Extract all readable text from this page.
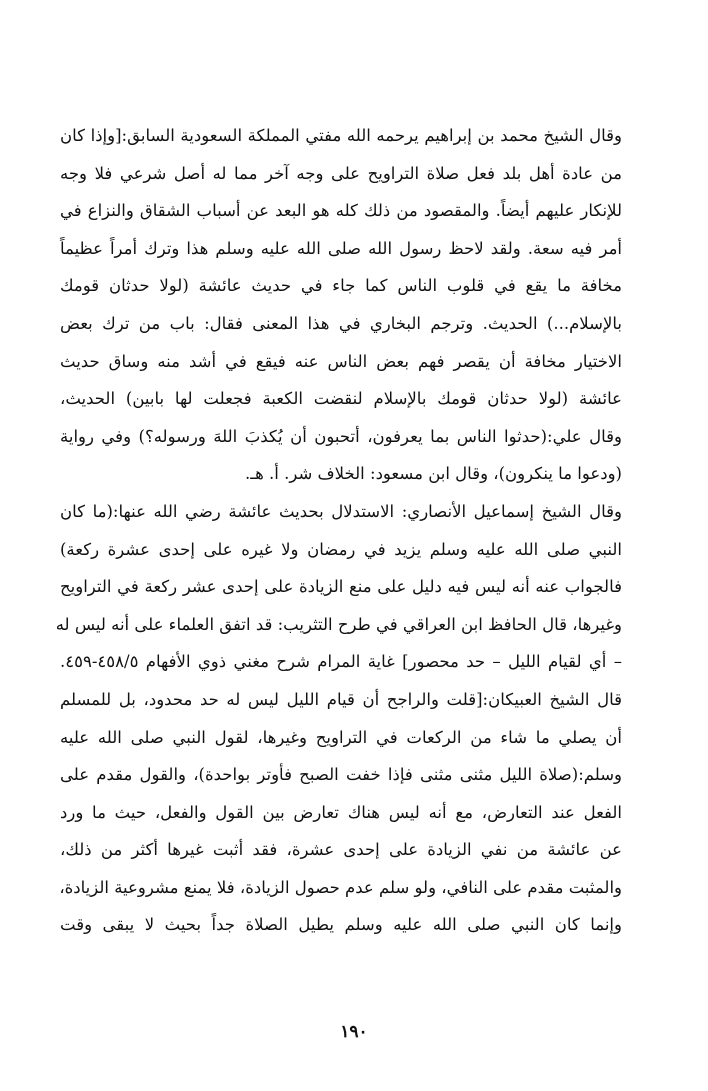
وقال الشيخ محمد بن إبراهيم يرحمه الله مفتي المملكة السعودية السابق:[وإذا كان
من عادة أهل بلد فعل صلاة التراويح على وجه آخر مما له أصل شرعي فلا وجه
للإنكار عليهم أيضاً. والمقصود من ذلك كله هو البعد عن أسباب الشقاق والنزاع في
أمر فيه سعة. ولقد لاحظ رسول الله صلى الله عليه وسلم هذا وترك أمراً عظيماً
مخافة ما يقع في قلوب الناس كما جاء في حديث عائشة (لولا حدثان قومك
بالإسلام...) الحديث. وترجم البخاري في هذا المعنى فقال: باب من ترك بعض
الاختيار مخافة أن يقصر فهم بعض الناس عنه فيقع في أشد منه وساق حديث
عائشة (لولا حدثان قومك بالإسلام لنقضت الكعبة فجعلت لها بابين) الحديث،
وقال علي:(حدثوا الناس بما يعرفون، أتحبون أن يُكذبَ اللهَ ورسوله؟) وفي رواية
(ودعوا ما ينكرون)، وقال ابن مسعود: الخلاف شر. أ. هـ.
وقال الشيخ إسماعيل الأنصاري: الاستدلال بحديث عائشة رضي الله عنها:(ما كان
النبي صلى الله عليه وسلم يزيد في رمضان ولا غيره على إحدى عشرة ركعة)
فالجواب عنه أنه ليس فيه دليل على منع الزيادة على إحدى عشر ركعة في التراويح
وغيرها، قال الحافظ ابن العراقي في طرح التثريب: قد اتفق العلماء على أنه ليس له
– أي لقيام الليل – حد محصور] غاية المرام شرح مغني ذوي الأفهام ٤٥٨/٥-٤٥٩.
قال الشيخ العبيكان:[قلت والراجح أن قيام الليل ليس له حد محدود، بل للمسلم
أن يصلي ما شاء من الركعات في التراويح وغيرها، لقول النبي صلى الله عليه
وسلم:(صلاة الليل مثنى مثنى فإذا خفت الصبح فأوتر بواحدة)، والقول مقدم على
الفعل عند التعارض، مع أنه ليس هناك تعارض بين القول والفعل، حيث ما ورد
عن عائشة من نفي الزيادة على إحدى عشرة، فقد أثبت غيرها أكثر من ذلك،
والمثبت مقدم على النافي، ولو سلم عدم حصول الزيادة، فلا يمنع مشروعية الزيادة،
وإنما كان النبي صلى الله عليه وسلم يطيل الصلاة جداً بحيث لا يبقى وقت
١٩٠
